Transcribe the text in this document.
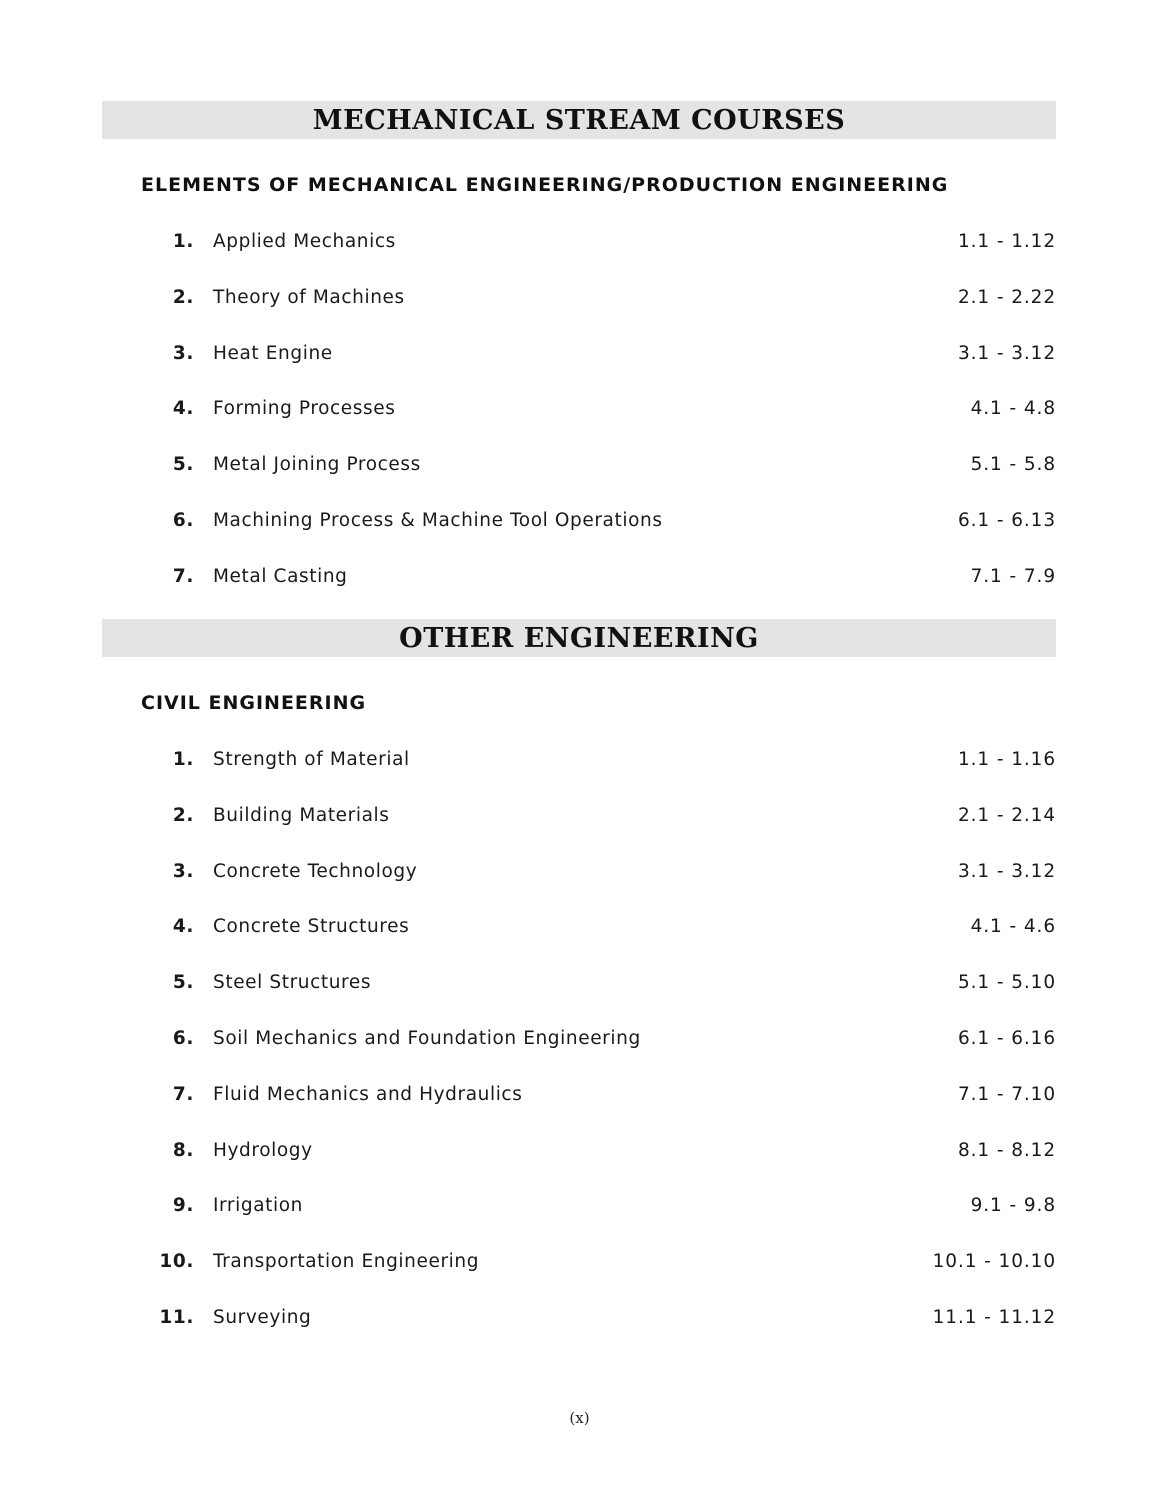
MECHANICAL STREAM COURSES
ELEMENTS OF MECHANICAL ENGINEERING/PRODUCTION ENGINEERING
1. Applied Mechanics	1.1 - 1.12
2. Theory of Machines	2.1 - 2.22
3. Heat Engine	3.1 - 3.12
4. Forming Processes	4.1 - 4.8
5. Metal Joining Process	5.1 - 5.8
6. Machining Process & Machine Tool Operations	6.1 - 6.13
7. Metal Casting	7.1 - 7.9
OTHER ENGINEERING
CIVIL ENGINEERING
1. Strength of Material	1.1 - 1.16
2. Building Materials	2.1 - 2.14
3. Concrete Technology	3.1 - 3.12
4. Concrete Structures	4.1 - 4.6
5. Steel Structures	5.1 - 5.10
6. Soil Mechanics and Foundation Engineering	6.1 - 6.16
7. Fluid Mechanics and Hydraulics	7.1 - 7.10
8. Hydrology	8.1 - 8.12
9. Irrigation	9.1 - 9.8
10. Transportation Engineering	10.1 - 10.10
11. Surveying	11.1 - 11.12
(x)
